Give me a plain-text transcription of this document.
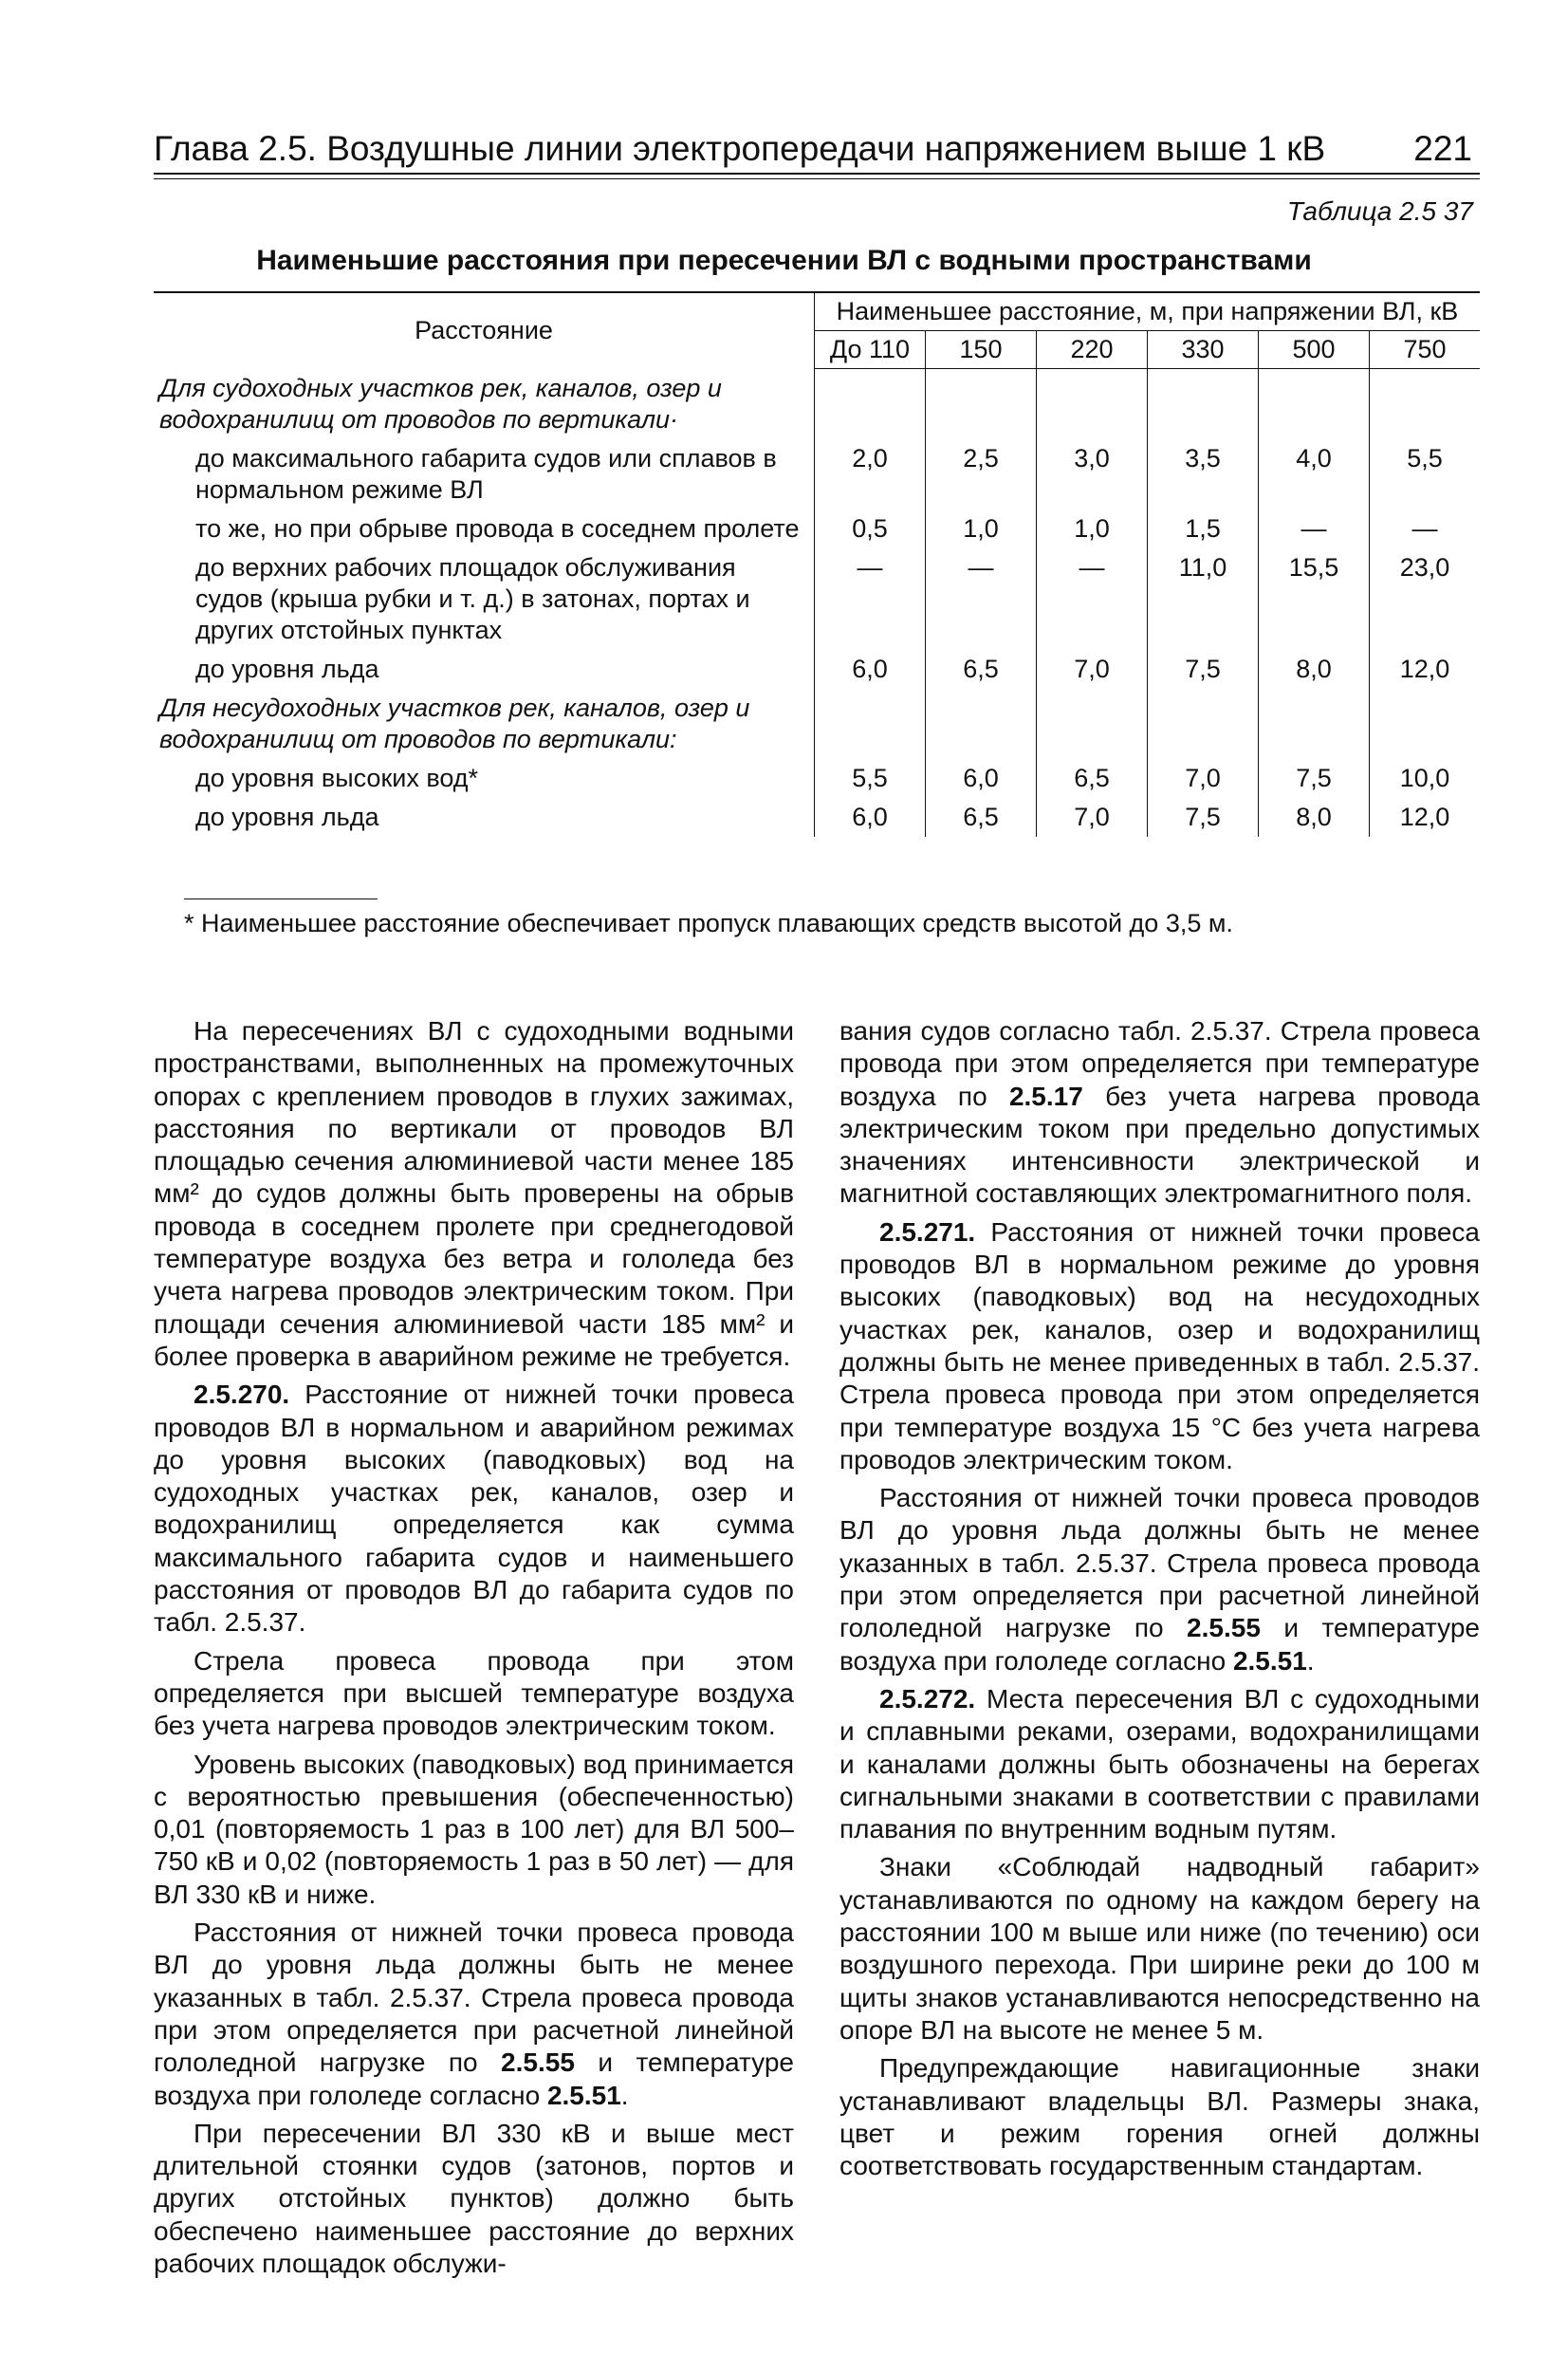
Глава 2.5. Воздушные линии электропередачи напряжением выше 1 кВ	221
Таблица 2.5 37
Наименьшие расстояния при пересечении ВЛ с водными пространствами
Расстояние	Наименьшее расстояние, м, при напряжении ВЛ, кВ					
	До 110	150	220	330	500	750
Для судоходных участков рек, каналов, озер и водохранилищ от проводов по вертикали·						
до максимального габарита судов или сплавов в нормальном режиме ВЛ	2,0	2,5	3,0	3,5	4,0	5,5
то же, но при обрыве провода в соседнем пролете	0,5	1,0	1,0	1,5	—	—
до верхних рабочих площадок обслуживания судов (крыша рубки и т. д.) в затонах, портах и других отстойных пунктах	—	—	—	11,0	15,5	23,0
до уровня льда	6,0	6,5	7,0	7,5	8,0	12,0
Для несудоходных участков рек, каналов, озер и водохранилищ от проводов по вертикали:						
до уровня высоких вод*	5,5	6,0	6,5	7,0	7,5	10,0
до уровня льда	6,0	6,5	7,0	7,5	8,0	12,0
* Наименьшее расстояние обеспечивает пропуск плавающих средств высотой до 3,5 м.

На пересечениях ВЛ с судоходными водными пространствами, выполненных на промежуточных опорах с креплением проводов в глухих зажимах, расстояния по вертикали от проводов ВЛ площадью сечения алюминиевой части менее 185 мм² до судов должны быть проверены на обрыв провода в соседнем пролете при среднегодовой температуре воздуха без ветра и гололеда без учета нагрева проводов электрическим током. При площади сечения алюминиевой части 185 мм² и более проверка в аварийном режиме не требуется.

2.5.270. Расстояние от нижней точки провеса проводов ВЛ в нормальном и аварийном режимах до уровня высоких (паводковых) вод на судоходных участках рек, каналов, озер и водохранилищ определяется как сумма максимального габарита судов и наименьшего расстояния от проводов ВЛ до габарита судов по табл. 2.5.37.

Стрела провеса провода при этом определяется при высшей температуре воздуха без учета нагрева проводов электрическим током.

Уровень высоких (паводковых) вод принимается с вероятностью превышения (обеспеченностью) 0,01 (повторяемость 1 раз в 100 лет) для ВЛ 500–750 кВ и 0,02 (повторяемость 1 раз в 50 лет) — для ВЛ 330 кВ и ниже.

Расстояния от нижней точки провеса провода ВЛ до уровня льда должны быть не менее указанных в табл. 2.5.37. Стрела провеса провода при этом определяется при расчетной линейной гололедной нагрузке по 2.5.55 и температуре воздуха при гололеде согласно 2.5.51.

При пересечении ВЛ 330 кВ и выше мест длительной стоянки судов (затонов, портов и других отстойных пунктов) должно быть обеспечено наименьшее расстояние до верхних рабочих площадок обслужи-

вания судов согласно табл. 2.5.37. Стрела провеса провода при этом определяется при температуре воздуха по 2.5.17 без учета нагрева провода электрическим током при предельно допустимых значениях интенсивности электрической и магнитной составляющих электромагнитного поля.

2.5.271. Расстояния от нижней точки провеса проводов ВЛ в нормальном режиме до уровня высоких (паводковых) вод на несудоходных участках рек, каналов, озер и водохранилищ должны быть не менее приведенных в табл. 2.5.37. Стрела провеса провода при этом определяется при температуре воздуха 15 °С без учета нагрева проводов электрическим током.

Расстояния от нижней точки провеса проводов ВЛ до уровня льда должны быть не менее указанных в табл. 2.5.37. Стрела провеса провода при этом определяется при расчетной линейной гололедной нагрузке по 2.5.55 и температуре воздуха при гололеде согласно 2.5.51.

2.5.272. Места пересечения ВЛ с судоходными и сплавными реками, озерами, водохранилищами и каналами должны быть обозначены на берегах сигнальными знаками в соответствии с правилами плавания по внутренним водным путям.

Знаки «Соблюдай надводный габарит» устанавливаются по одному на каждом берегу на расстоянии 100 м выше или ниже (по течению) оси воздушного перехода. При ширине реки до 100 м щиты знаков устанавливаются непосредственно на опоре ВЛ на высоте не менее 5 м.

Предупреждающие навигационные знаки устанавливают владельцы ВЛ. Размеры знака, цвет и режим горения огней должны соответствовать государственным стандартам.
